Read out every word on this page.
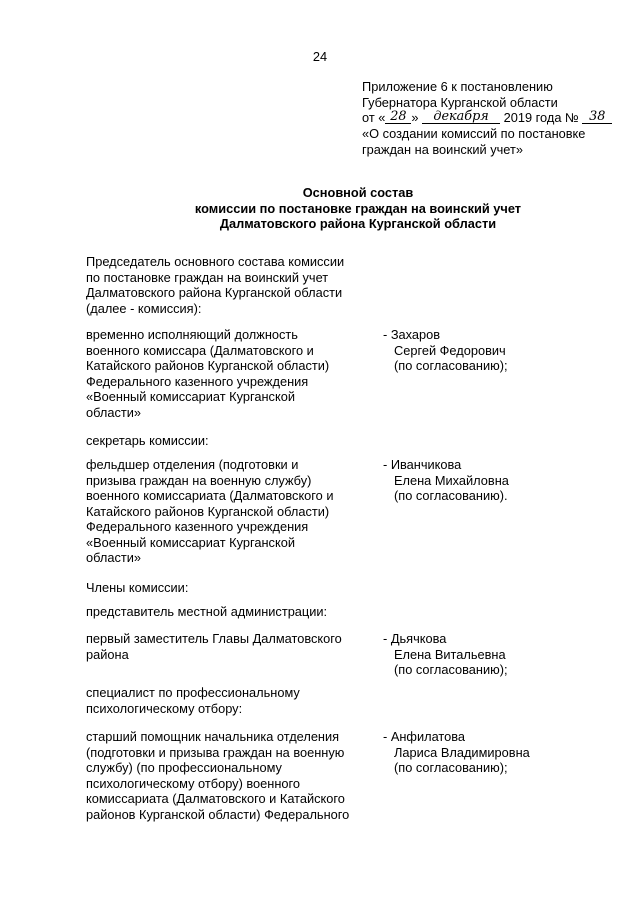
24
Приложение 6 к постановлению
Губернатора Курганской области
от « 28 » декабря 2019 года № 38
«О создании комиссий по постановке
граждан на воинский учет»
Основной состав
комиссии по постановке граждан на воинский учет
Далматовского района Курганской области
Председатель основного состава комиссии
по постановке граждан на воинский учет
Далматовского района Курганской области
(далее - комиссия):
временно исполняющий должность
военного комиссара (Далматовского и
Катайского районов Курганской области)
Федерального казенного учреждения
«Военный комиссариат Курганской
области»
- Захаров
Сергей Федорович
(по согласованию);
секретарь комиссии:
фельдшер отделения (подготовки и
призыва граждан на военную службу)
военного комиссариата (Далматовского и
Катайского районов Курганской области)
Федерального казенного учреждения
«Военный комиссариат Курганской
области»
- Иванчикова
Елена Михайловна
(по согласованию).
Члены комиссии:
представитель местной администрации:
первый заместитель Главы Далматовского
района
- Дьячкова
Елена Витальевна
(по согласованию);
специалист по профессиональному
психологическому отбору:
старший помощник начальника отделения
(подготовки и призыва граждан на военную
службу) (по профессиональному
психологическому отбору) военного
комиссариата (Далматовского и Катайского
районов Курганской области) Федерального
- Анфилатова
Лариса Владимировна
(по согласованию);
